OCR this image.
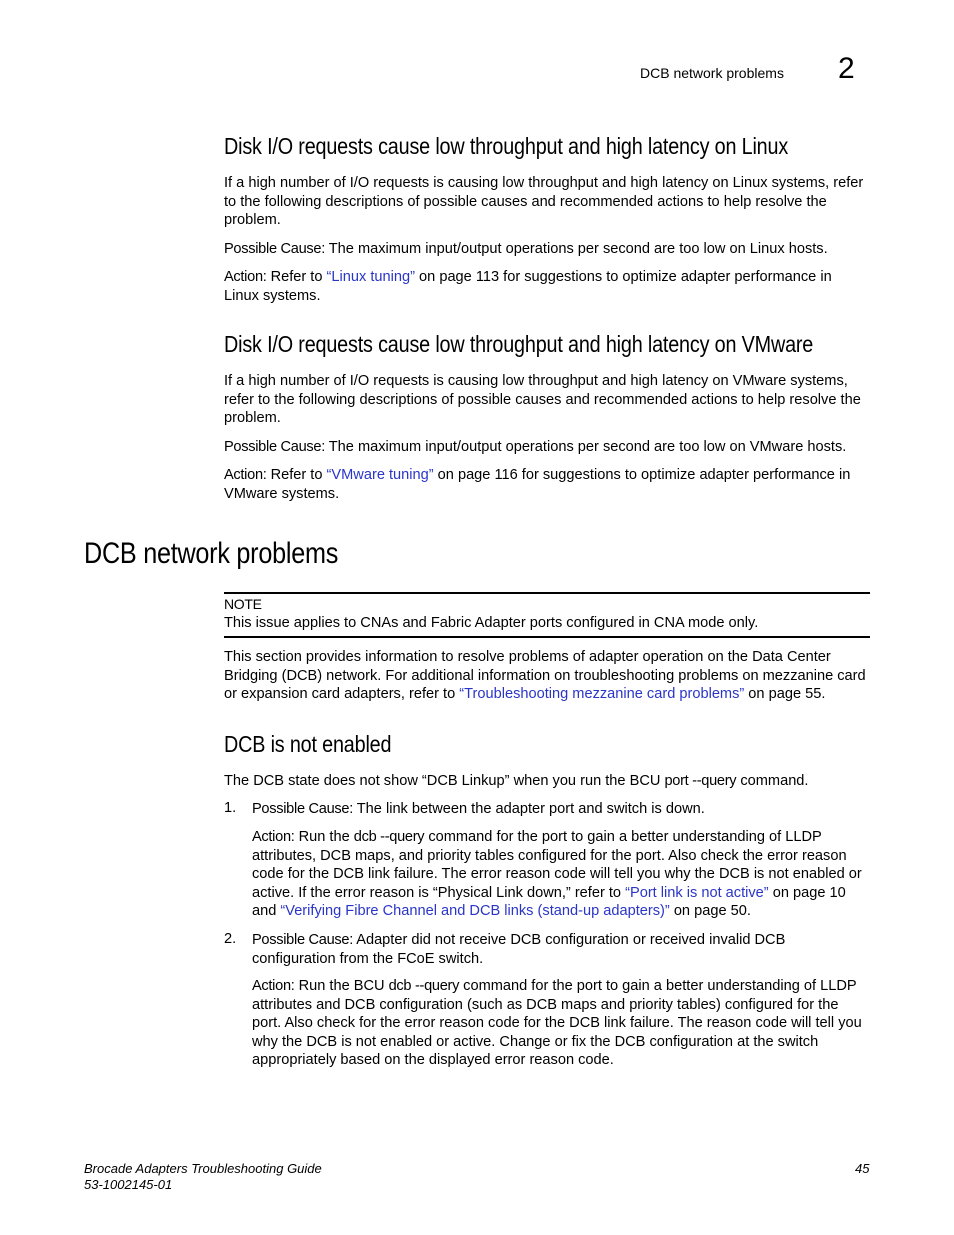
DCB network problems 2
Disk I/O requests cause low throughput and high latency on Linux
If a high number of I/O requests is causing low throughput and high latency on Linux systems, refer to the following descriptions of possible causes and recommended actions to help resolve the problem.
Possible Cause: The maximum input/output operations per second are too low on Linux hosts.
Action: Refer to “Linux tuning” on page 113 for suggestions to optimize adapter performance in Linux systems.
Disk I/O requests cause low throughput and high latency on VMware
If a high number of I/O requests is causing low throughput and high latency on VMware systems, refer to the following descriptions of possible causes and recommended actions to help resolve the problem.
Possible Cause: The maximum input/output operations per second are too low on VMware hosts.
Action: Refer to “VMware tuning” on page 116 for suggestions to optimize adapter performance in VMware systems.
DCB network problems
NOTE
This issue applies to CNAs and Fabric Adapter ports configured in CNA mode only.
This section provides information to resolve problems of adapter operation on the Data Center Bridging (DCB) network. For additional information on troubleshooting problems on mezzanine card or expansion card adapters, refer to “Troubleshooting mezzanine card problems” on page 55.
DCB is not enabled
The DCB state does not show “DCB Linkup” when you run the BCU port --query command.
1. Possible Cause: The link between the adapter port and switch is down.
Action: Run the dcb --query command for the port to gain a better understanding of LLDP attributes, DCB maps, and priority tables configured for the port. Also check the error reason code for the DCB link failure. The error reason code will tell you why the DCB is not enabled or active. If the error reason is “Physical Link down,” refer to “Port link is not active” on page 10 and “Verifying Fibre Channel and DCB links (stand-up adapters)” on page 50.
2. Possible Cause: Adapter did not receive DCB configuration or received invalid DCB configuration from the FCoE switch.
Action: Run the BCU dcb --query command for the port to gain a better understanding of LLDP attributes and DCB configuration (such as DCB maps and priority tables) configured for the port. Also check for the error reason code for the DCB link failure. The reason code will tell you why the DCB is not enabled or active. Change or fix the DCB configuration at the switch appropriately based on the displayed error reason code.
Brocade Adapters Troubleshooting Guide
53-1002145-01
45
